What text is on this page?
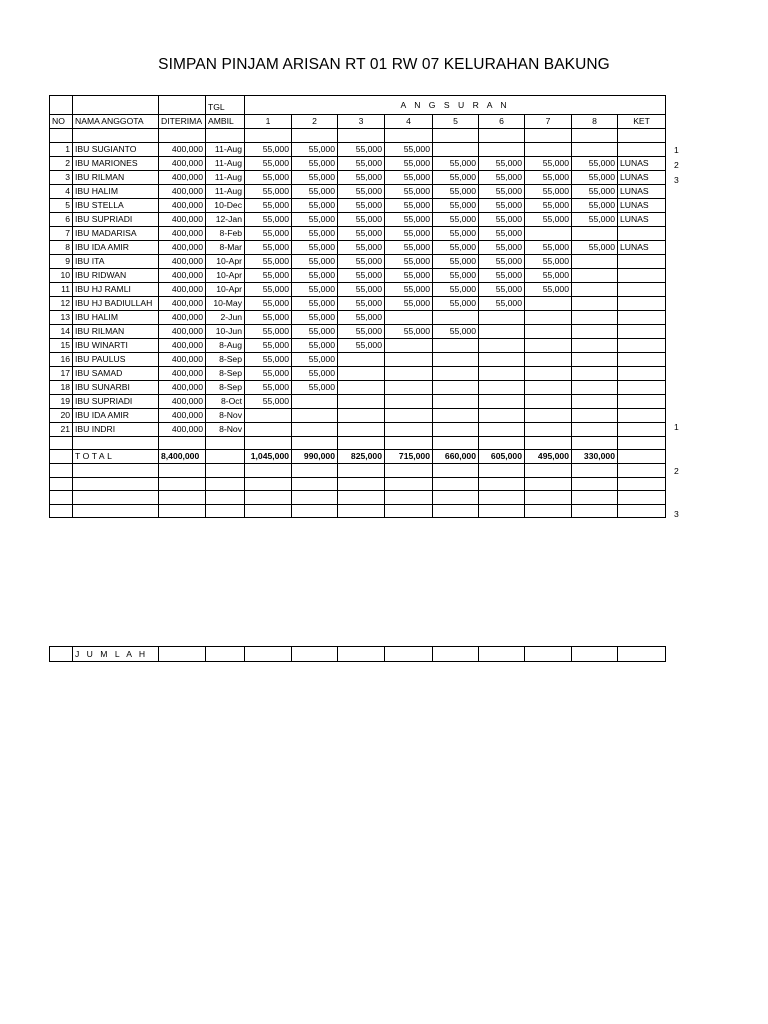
SIMPAN PINJAM ARISAN RT 01 RW 07 KELURAHAN BAKUNG
			TGL	A N G S U R A N								
NO	NAMA ANGGOTA	DITERIMA	AMBIL	1	2	3	4	5	6	7	8	KET

1	IBU SUGIANTO	400,000	11-Aug	55,000	55,000	55,000	55,000					
2	IBU MARIONES	400,000	11-Aug	55,000	55,000	55,000	55,000	55,000	55,000	55,000	55,000	LUNAS
3	IBU RILMAN	400,000	11-Aug	55,000	55,000	55,000	55,000	55,000	55,000	55,000	55,000	LUNAS
4	IBU HALIM	400,000	11-Aug	55,000	55,000	55,000	55,000	55,000	55,000	55,000	55,000	LUNAS
5	IBU STELLA	400,000	10-Dec	55,000	55,000	55,000	55,000	55,000	55,000	55,000	55,000	LUNAS
6	IBU SUPRIADI	400,000	12-Jan	55,000	55,000	55,000	55,000	55,000	55,000	55,000	55,000	LUNAS
7	IBU MADARISA	400,000	8-Feb	55,000	55,000	55,000	55,000	55,000	55,000			
8	IBU IDA AMIR	400,000	8-Mar	55,000	55,000	55,000	55,000	55,000	55,000	55,000	55,000	LUNAS
9	IBU ITA	400,000	10-Apr	55,000	55,000	55,000	55,000	55,000	55,000	55,000		
10	IBU RIDWAN	400,000	10-Apr	55,000	55,000	55,000	55,000	55,000	55,000	55,000		
11	IBU HJ RAMLI	400,000	10-Apr	55,000	55,000	55,000	55,000	55,000	55,000	55,000		
12	IBU HJ BADIULLAH	400,000	10-May	55,000	55,000	55,000	55,000	55,000	55,000			
13	IBU HALIM	400,000	2-Jun	55,000	55,000	55,000						
14	IBU RILMAN	400,000	10-Jun	55,000	55,000	55,000	55,000	55,000				
15	IBU WINARTI	400,000	8-Aug	55,000	55,000	55,000						
16	IBU PAULUS	400,000	8-Sep	55,000	55,000							
17	IBU SAMAD	400,000	8-Sep	55,000	55,000							
18	IBU SUNARBI	400,000	8-Sep	55,000	55,000							
19	IBU SUPRIADI	400,000	8-Oct	55,000								
20	IBU IDA AMIR	400,000	8-Nov									
21	IBU INDRI	400,000	8-Nov									

	TOTAL	8,400,000		1,045,000	990,000	825,000	715,000	660,000	605,000	495,000	330,000	

1
2
3
1
2
3
	J U M L A H											
